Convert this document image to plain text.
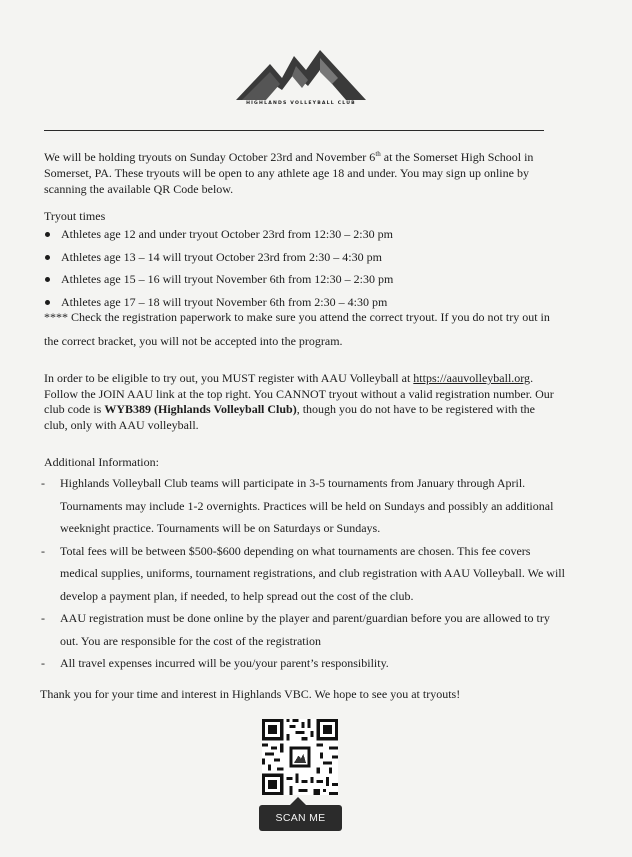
HIGHLANDS VOLLEYBALL CLUB

We will be holding tryouts on Sunday October 23rd and November 6th at the Somerset High School in Somerset, PA. These tryouts will be open to any athlete age 18 and under. You may sign up online by scanning the available QR Code below.

Tryout times
Athletes age 12 and under tryout October 23rd from 12:30 – 2:30 pm
Athletes age 13 – 14 will tryout October 23rd from 2:30 – 4:30 pm
Athletes age 15 – 16 will tryout November 6th from 12:30 – 2:30 pm
Athletes age 17 – 18 will tryout November 6th from 2:30 – 4:30 pm

**** Check the registration paperwork to make sure you attend the correct tryout. If you do not try out in the correct bracket, you will not be accepted into the program.

In order to be eligible to try out, you MUST register with AAU Volleyball at https://aauvolleyball.org. Follow the JOIN AAU link at the top right. You CANNOT tryout without a valid registration number. Our club code is WYB389 (Highlands Volleyball Club), though you do not have to be registered with the club, only with AAU volleyball.

Additional Information:
- Highlands Volleyball Club teams will participate in 3-5 tournaments from January through April. Tournaments may include 1-2 overnights. Practices will be held on Sundays and possibly an additional weeknight practice. Tournaments will be on Saturdays or Sundays.
- Total fees will be between $500-$600 depending on what tournaments are chosen. This fee covers medical supplies, uniforms, tournament registrations, and club registration with AAU Volleyball. We will develop a payment plan, if needed, to help spread out the cost of the club.
- AAU registration must be done online by the player and parent/guardian before you are allowed to try out. You are responsible for the cost of the registration
- All travel expenses incurred will be you/your parent’s responsibility.

Thank you for your time and interest in Highlands VBC. We hope to see you at tryouts!

SCAN ME
